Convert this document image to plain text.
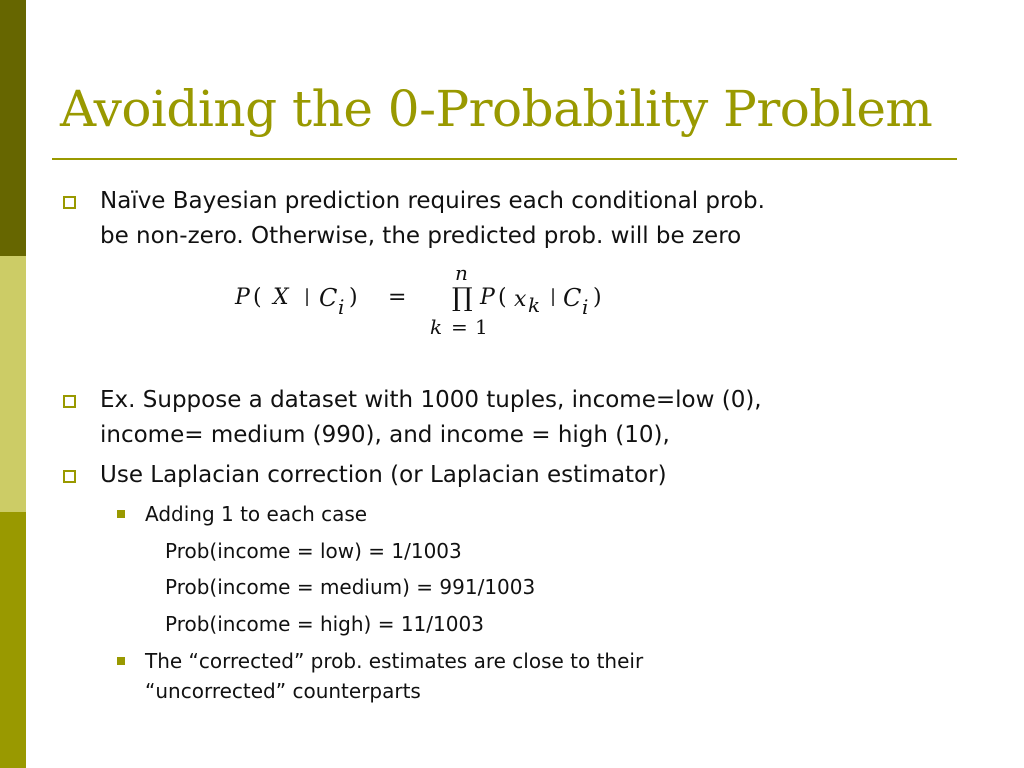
Avoiding the 0-Probability Problem
Naïve Bayesian prediction requires each conditional prob.
be non-zero. Otherwise, the predicted prob. will be zero
P ( X | C i ) =
n
∏
k = 1
P ( x k | C i )
Ex. Suppose a dataset with 1000 tuples, income=low (0),
income= medium (990), and income = high (10),
Use Laplacian correction (or Laplacian estimator)
Adding 1 to each case
Prob(income = low) = 1/1003
Prob(income = medium) = 991/1003
Prob(income = high) = 11/1003
The “corrected” prob. estimates are close to their
“uncorrected” counterparts
